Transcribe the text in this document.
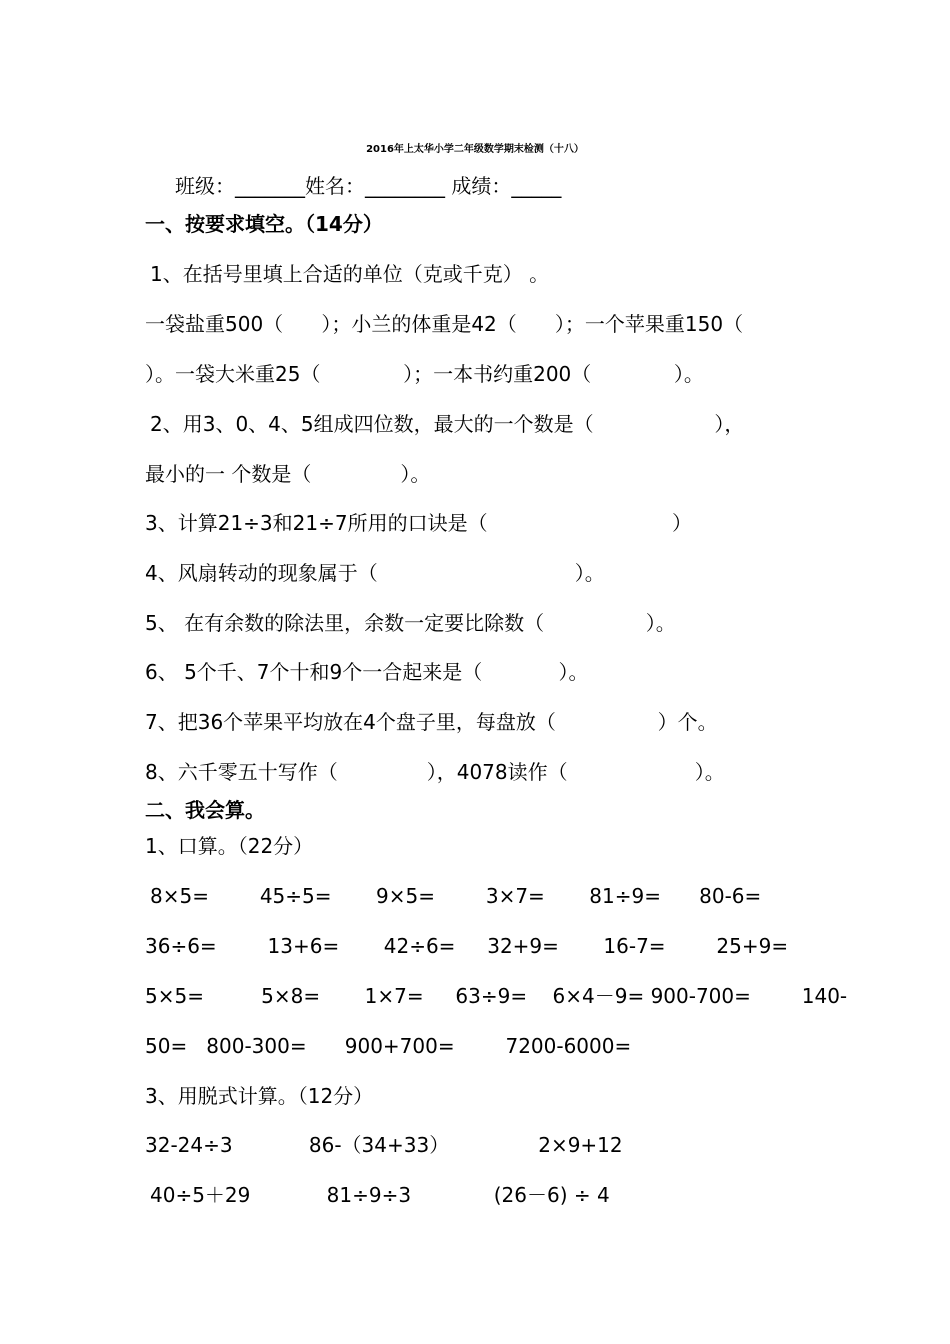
2016年上太华小学二年级数学期末检测（十八）
班级：_______姓名：________ 成绩：_____
一、按要求填空。（14分）
1、在括号里填上合适的单位（克或千克） 。
一袋盐重500（      ）；小兰的体重是42（      ）；一个苹果重150（
）。一袋大米重25（             ）；一本书约重200（             ）。
2、用3、0、4、5组成四位数，最大的一个数是（                   ），
最小的一 个数是（              ）。
3、计算21÷3和21÷7所用的口诀是（                             ）
4、风扇转动的现象属于（                               ）。
5、 在有余数的除法里，余数一定要比除数（                ）。
6、 5个千、7个十和9个一合起来是（            ）。
7、把36个苹果平均放在4个盘子里，每盘放（                ）个。
8、六千零五十写作（              ），4078读作（                    ）。
二、我会算。
1、口算。（22分）
8×5=        45÷5=       9×5=        3×7=       81÷9=      80-6=
36÷6=        13+6=       42÷6=     32+9=       16-7=        25+9=
5×5=         5×8=       1×7=     63÷9=    6×4－9= 900-700=        140-
50=   800-300=      900+700=        7200-6000=
3、用脱式计算。（12分）
32-24÷3            86-（34+33）              2×9+12
40÷5＋29            81÷9÷3             (26－6) ÷ 4
